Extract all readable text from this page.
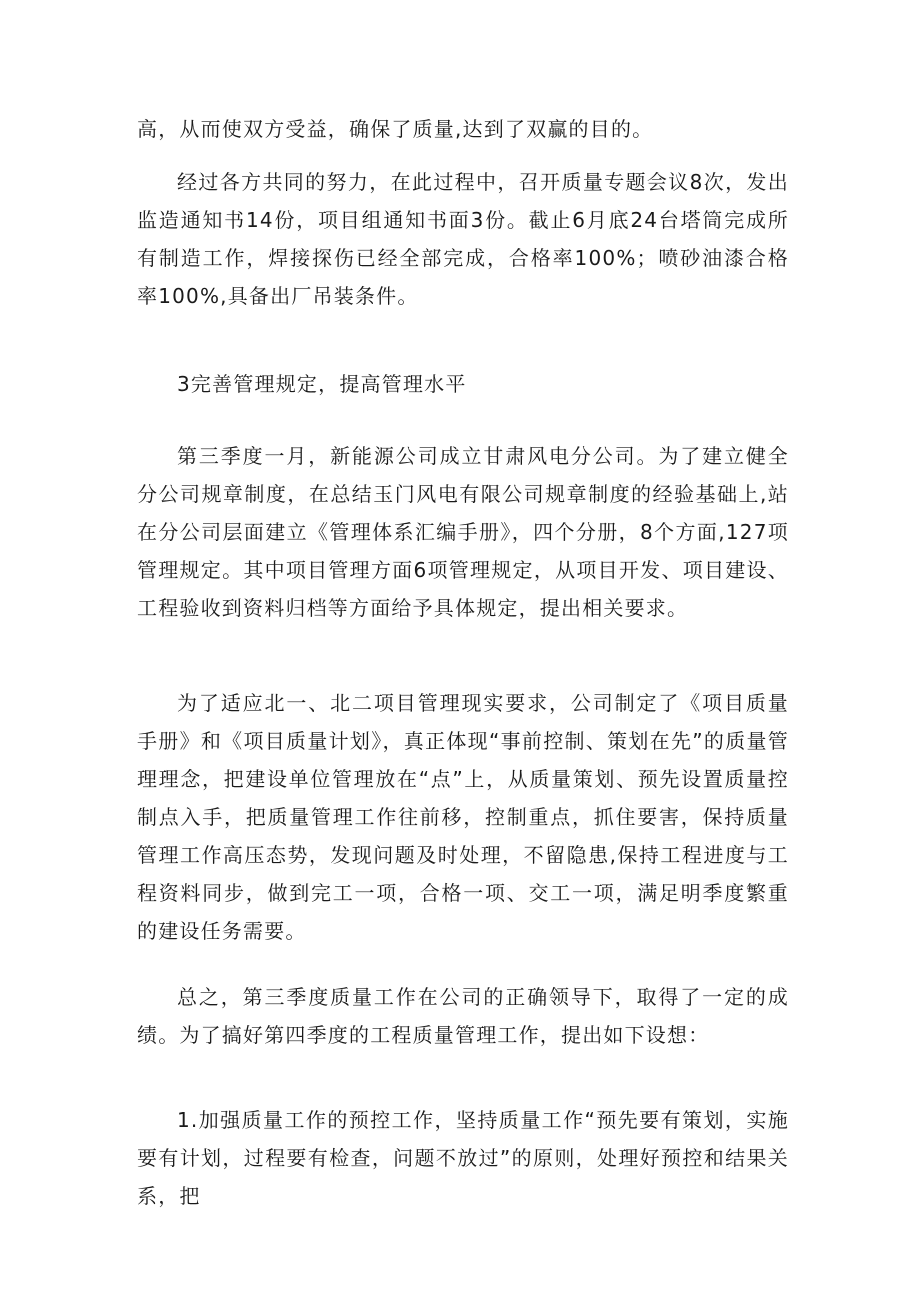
高，从而使双方受益，确保了质量,达到了双赢的目的。

经过各方共同的努力，在此过程中，召开质量专题会议8次，发出监造通知书14份，项目组通知书面3份。截止6月底24台塔筒完成所有制造工作，焊接探伤已经全部完成，合格率100%；喷砂油漆合格率100%,具备出厂吊装条件。

3完善管理规定，提高管理水平

第三季度一月，新能源公司成立甘肃风电分公司。为了建立健全分公司规章制度，在总结玉门风电有限公司规章制度的经验基础上,站在分公司层面建立《管理体系汇编手册》，四个分册，8个方面,127项管理规定。其中项目管理方面6项管理规定，从项目开发、项目建设、工程验收到资料归档等方面给予具体规定，提出相关要求。

为了适应北一、北二项目管理现实要求，公司制定了《项目质量手册》和《项目质量计划》，真正体现“事前控制、策划在先”的质量管理理念，把建设单位管理放在“点”上，从质量策划、预先设置质量控制点入手，把质量管理工作往前移，控制重点，抓住要害，保持质量管理工作高压态势，发现问题及时处理，不留隐患,保持工程进度与工程资料同步，做到完工一项，合格一项、交工一项，满足明季度繁重的建设任务需要。

总之，第三季度质量工作在公司的正确领导下，取得了一定的成绩。为了搞好第四季度的工程质量管理工作，提出如下设想：

1.加强质量工作的预控工作，坚持质量工作“预先要有策划，实施要有计划，过程要有检查，问题不放过”的原则，处理好预控和结果关系，把
